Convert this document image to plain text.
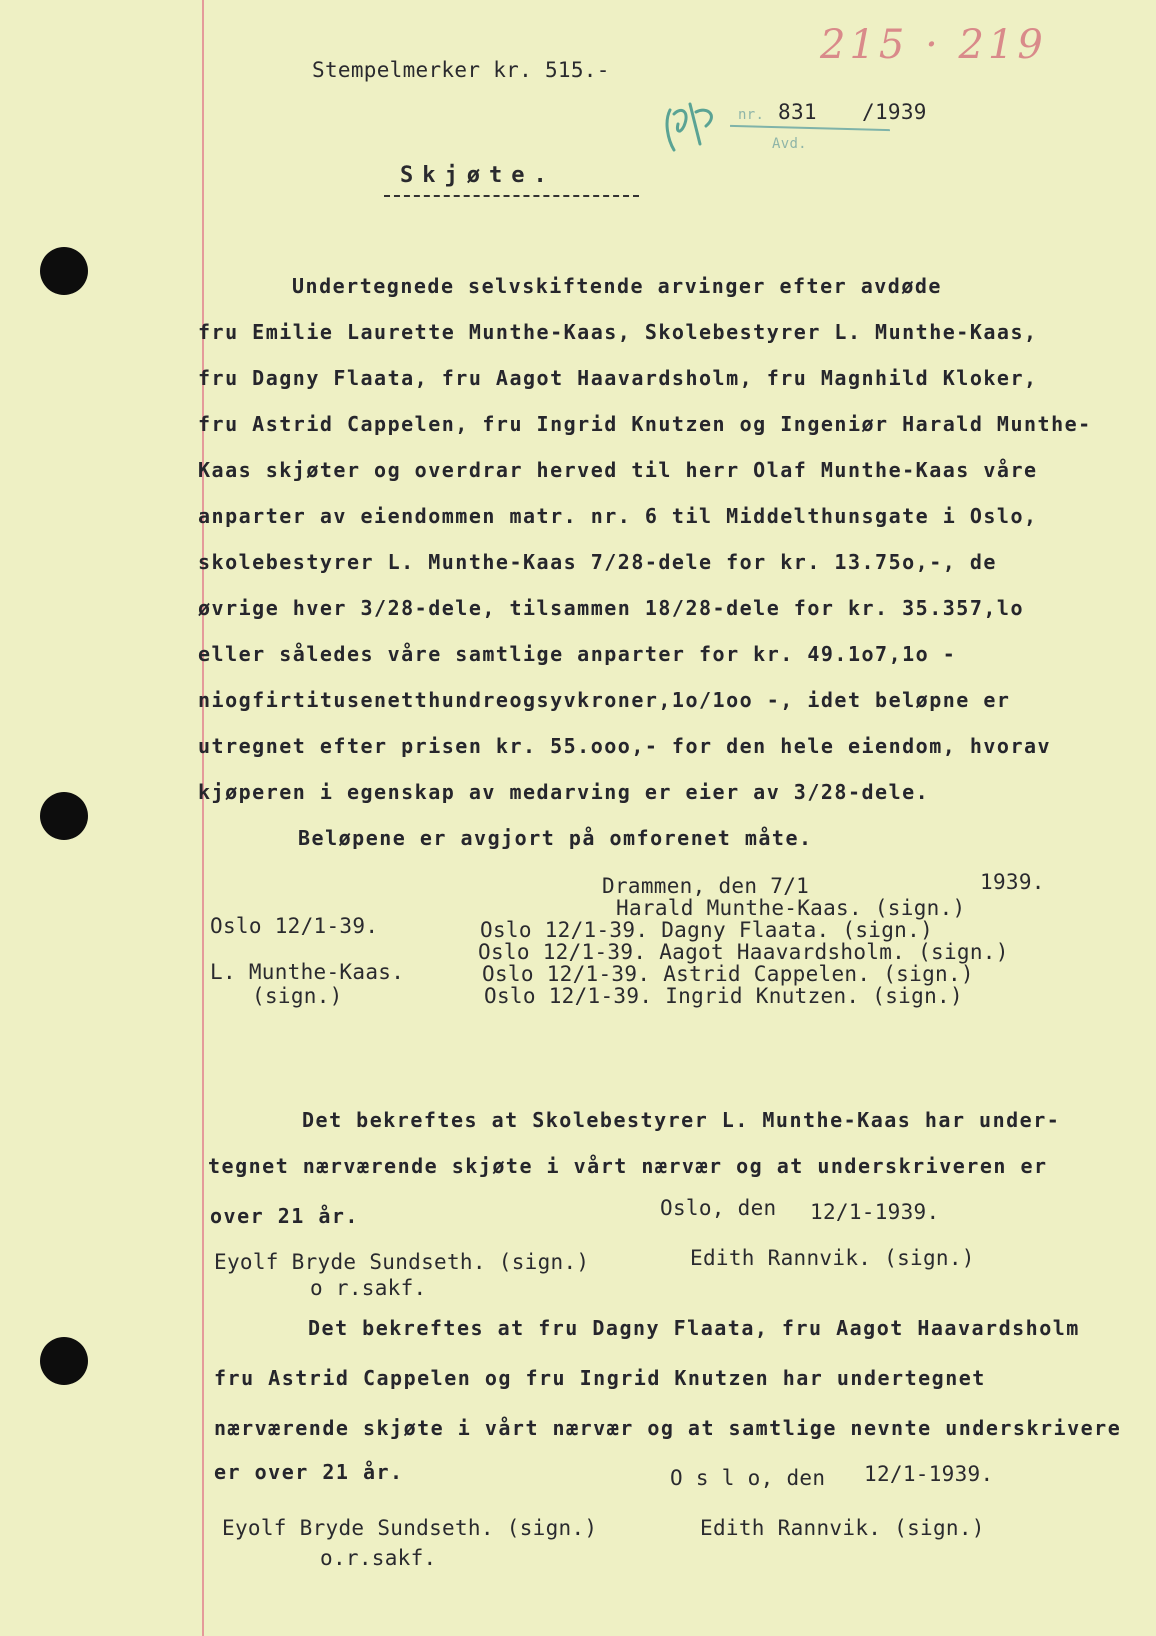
Stempelmerker kr. 515.-
215 · 219
nr.
Avd.
831 /1939
Skjøte.
Undertegnede selvskiftende arvinger efter avdøde
fru Emilie Laurette Munthe-Kaas, Skolebestyrer L. Munthe-Kaas,
fru Dagny Flaata, fru Aagot Haavardsholm, fru Magnhild Kloker,
fru Astrid Cappelen, fru Ingrid Knutzen og Ingeniør Harald Munthe-
Kaas skjøter og overdrar herved til herr Olaf Munthe-Kaas våre
anparter av eiendommen matr. nr. 6 til Middelthunsgate i Oslo,
skolebestyrer L. Munthe-Kaas 7/28-dele for kr. 13.75o,-, de
øvrige hver 3/28-dele, tilsammen 18/28-dele for kr. 35.357,lo
eller således våre samtlige anparter for kr. 49.1o7,1o -
niogfirtitusenetthundreogsyvkroner,1o/1oo -, idet beløpne er
utregnet efter prisen kr. 55.ooo,- for den hele eiendom, hvorav
kjøperen i egenskap av medarving er eier av 3/28-dele.
Beløpene er avgjort på omforenet måte.
Drammen, den 7/1	1939.
Harald Munthe-Kaas. (sign.)
Oslo 12/1-39.	Oslo 12/1-39. Dagny Flaata. (sign.)
Oslo 12/1-39. Aagot Haavardsholm. (sign.)
L. Munthe-Kaas.	Oslo 12/1-39. Astrid Cappelen. (sign.)
(sign.)	Oslo 12/1-39. Ingrid Knutzen. (sign.)
Det bekreftes at Skolebestyrer L. Munthe-Kaas har under-
tegnet nærværende skjøte i vårt nærvær og at underskriveren er
over 21 år.	Oslo, den 12/1-1939.
Eyolf Bryde Sundseth. (sign.)	Edith Rannvik. (sign.)
o r.sakf.
Det bekreftes at fru Dagny Flaata, fru Aagot Haavardsholm
fru Astrid Cappelen og fru Ingrid Knutzen har undertegnet
nærværende skjøte i vårt nærvær og at samtlige nevnte underskrivere
er over 21 år.	O s l o, den 12/1-1939.
Eyolf Bryde Sundseth. (sign.)	Edith Rannvik. (sign.)
o.r.sakf.
